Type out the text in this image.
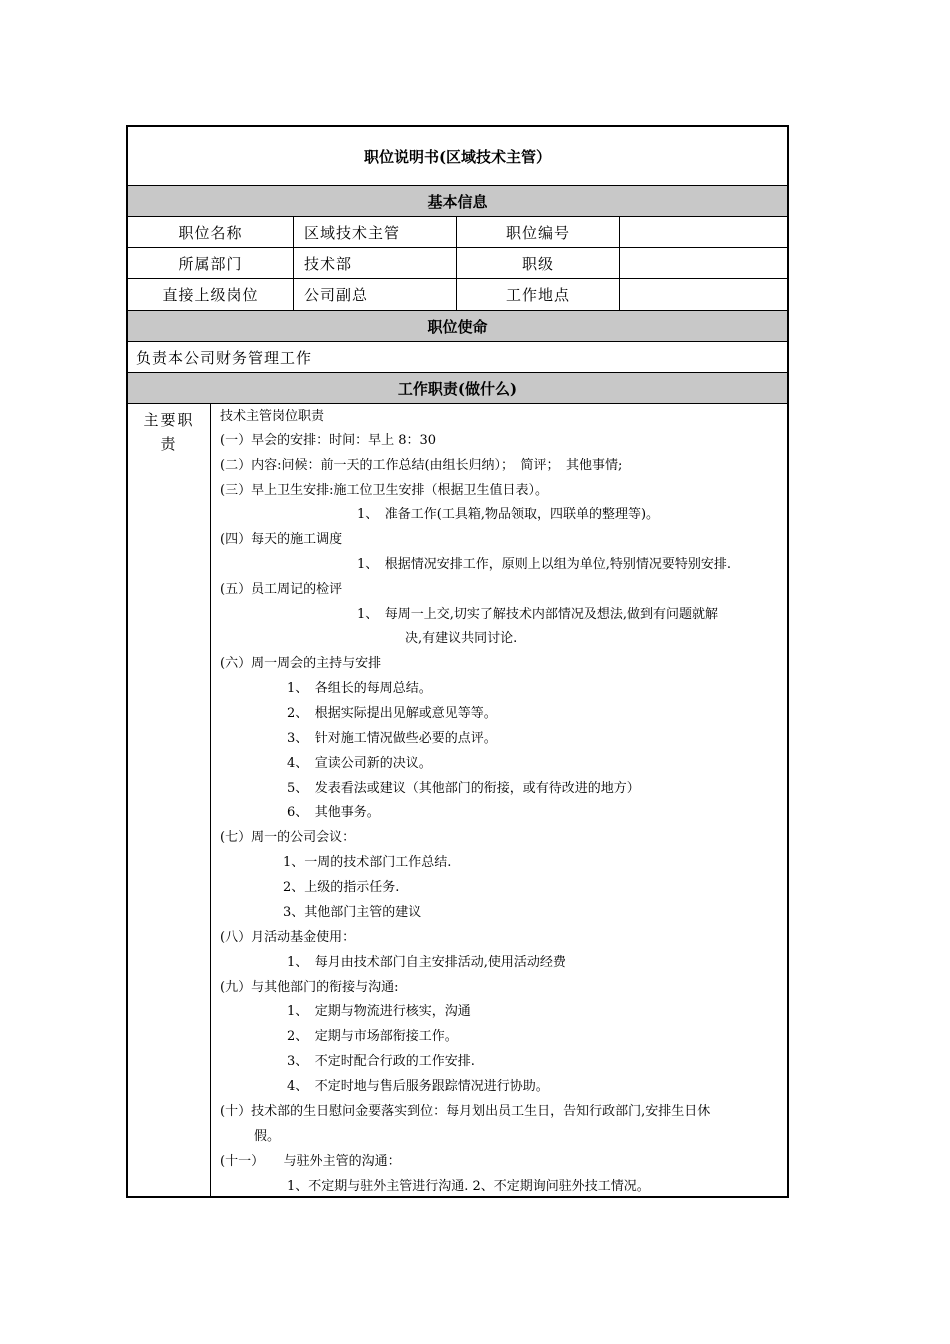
职位说明书(区域技术主管）
基本信息
职位名称	区域技术主管	职位编号
所属部门	技术部	职级
直接上级岗位	公司副总	工作地点
职位使命
负责本公司财务管理工作
工作职责(做什么)
主要职
责
技术主管岗位职责
(一）早会的安排：时间：早上 8：30
(二）内容:问候：前一天的工作总结(由组长归纳）；　简评；　其他事情;
(三）早上卫生安排:施工位卫生安排（根据卫生值日表）。
1、　准备工作(工具箱,物品领取，四联单的整理等)。
(四）每天的施工调度
1、　根据情况安排工作，原则上以组为单位,特别情况要特别安排.
(五）员工周记的检评
1、　每周一上交,切实了解技术内部情况及想法,做到有问题就解
决,有建议共同讨论.
(六）周一周会的主持与安排
1、　各组长的每周总结。
2、　根据实际提出见解或意见等等。
3、　针对施工情况做些必要的点评。
4、　宣读公司新的决议。
5、　发表看法或建议（其他部门的衔接，或有待改进的地方）
6、　其他事务。
(七）周一的公司会议：
1、一周的技术部门工作总结.
2、上级的指示任务.
3、其他部门主管的建议
(八）月活动基金使用：
1、　每月由技术部门自主安排活动,使用活动经费
(九）与其他部门的衔接与沟通:
1、　定期与物流进行核实，沟通
2、　定期与市场部衔接工作。
3、　不定时配合行政的工作安排.
4、　不定时地与售后服务跟踪情况进行协助。
(十）技术部的生日慰问金要落实到位：每月划出员工生日，告知行政部门,安排生日休
假。
(十一）　　与驻外主管的沟通：
1、不定期与驻外主管进行沟通. 2、不定期询问驻外技工情况。
